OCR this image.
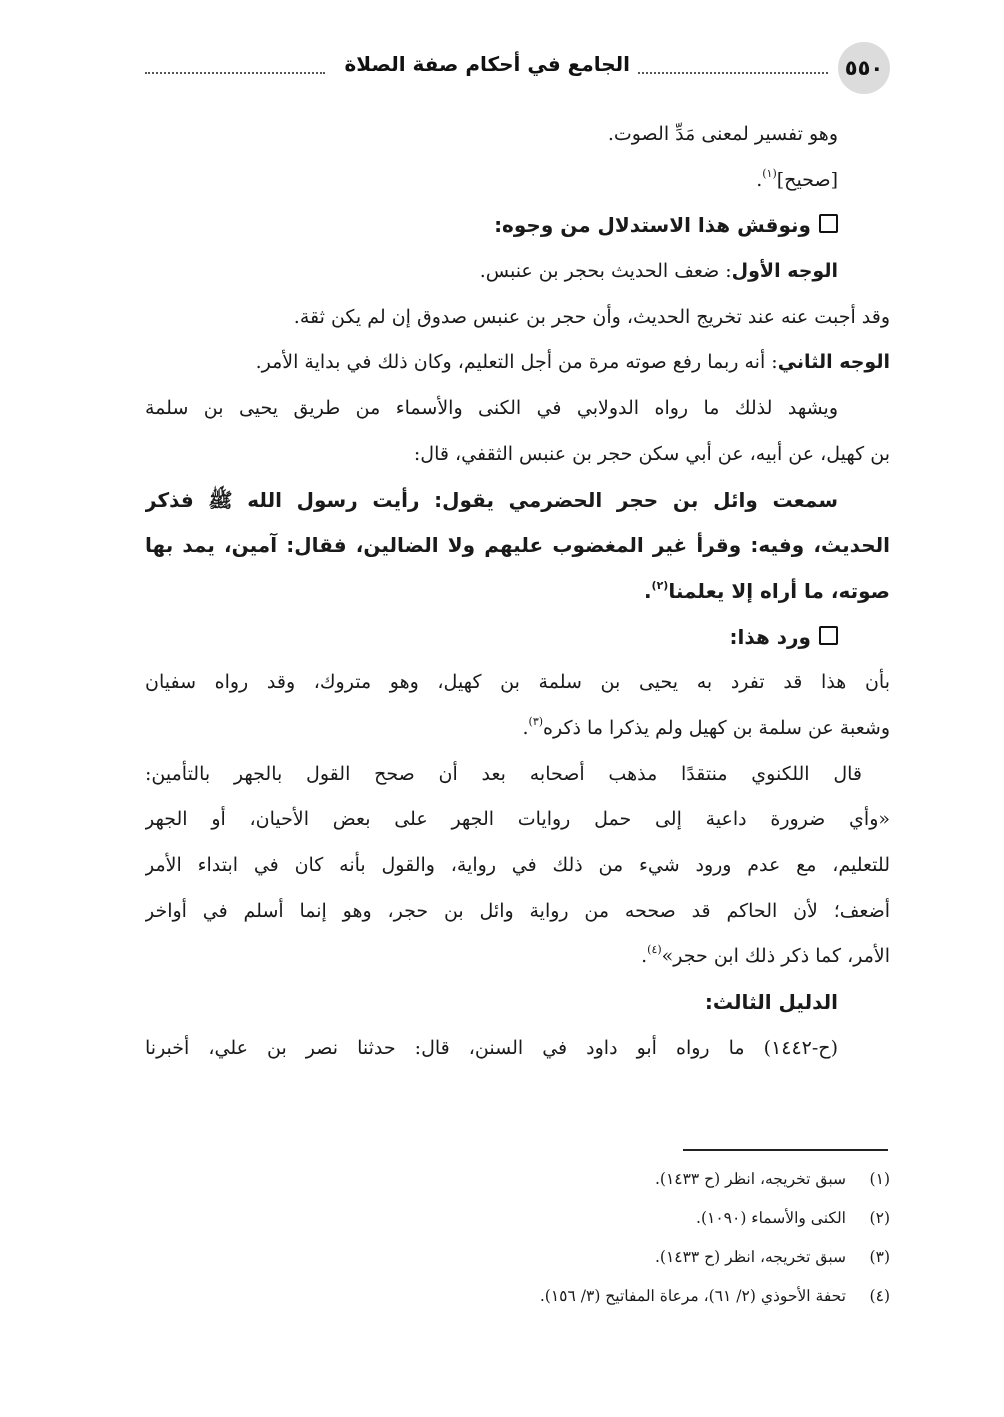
الجامع في أحكام صفة الصلاة	٥٥٠
وهو تفسير لمعنى مَدِّ الصوت.
[صحيح]$^{(١)}$.
ونوقش هذا الاستدلال من وجوه:
الوجه الأول: ضعف الحديث بحجر بن عنبس.
وقد أجبت عنه عند تخريج الحديث، وأن حجر بن عنبس صدوق إن لم يكن ثقة.
الوجه الثاني: أنه ربما رفع صوته مرة من أجل التعليم، وكان ذلك في بداية الأمر.
ويشهد لذلك ما رواه الدولابي في الكنى والأسماء من طريق يحيى بن سلمة
بن كهيل، عن أبيه، عن أبي سكن حجر بن عنبس الثقفي، قال:
سمعت وائل بن حجر الحضرمي يقول: رأيت رسول الله ﷺ فذكر
الحديث، وفيه: وقرأ غير المغضوب عليهم ولا الضالين، فقال: آمين، يمد بها
صوته، ما أراه إلا يعلمنا$^{(٢)}$.
ورد هذا:
بأن هذا قد تفرد به يحيى بن سلمة بن كهيل، وهو متروك، وقد رواه سفيان
وشعبة عن سلمة بن كهيل ولم يذكرا ما ذكره$^{(٣)}$.
قال اللكنوي منتقدًا مذهب أصحابه بعد أن صحح القول بالجهر بالتأمين:
«وأي ضرورة داعية إلى حمل روايات الجهر على بعض الأحيان، أو الجهر
للتعليم، مع عدم ورود شيء من ذلك في رواية، والقول بأنه كان في ابتداء الأمر
أضعف؛ لأن الحاكم قد صححه من رواية وائل بن حجر، وهو إنما أسلم في أواخر
الأمر، كما ذكر ذلك ابن حجر»$^{(٤)}$.
الدليل الثالث:
(ح-١٤٤٢) ما رواه أبو داود في السنن، قال: حدثنا نصر بن علي، أخبرنا
(١)سبق تخريجه، انظر (ح ١٤٣٣).
(٢)الكنى والأسماء (١٠٩٠).
(٣)سبق تخريجه، انظر (ح ١٤٣٣).
(٤)تحفة الأحوذي (٢/ ٦١)، مرعاة المفاتيح (٣/ ١٥٦).
